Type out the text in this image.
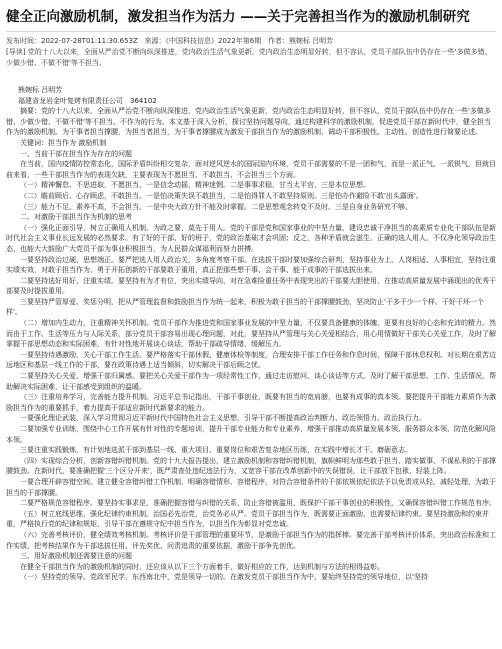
健全正向激励机制，激发担当作为活力 ——关于完善担当作为的激励机制研究
发布时间：2022-07-28T01:11:30.653Z 来源：《中国科技信息》2022年第6期 作者：熊婉标 吕明芳
[导读] 党的十八大以来，全面从严治党不断向纵深推进，党内政治生活气象更新，党内政治生态明显好转，但不容认，党员干部队伍中仍存在一些'多做多错、少做少错、不做不错'等不担当、

熊婉标 吕明芳

福建省龙岩金叶复烤有限责任公司　364102

摘要：党的十八大以来，全面从严治党不断向纵深推进，党内政治生活气象更新，党内政治生态明显好转，但不容认，党员干部队伍中仍存在一些'多做多错、少做少错、不做不错'等不担当、不作为的行为。本文基于深入分析，探讨坚持问题导向，通过构建科学的激励机制，促进党员干部在新时代中，健全担当作为的激励机制。为干事者担当撑腰，为担当者担当，为干事者撑腰成为激发干部担当作为的激励机制，调动干部积极性、主动性、创造性进行简要论述。

关键词：担当作为 激励机制

一、当前干部在担当作为存在的问题

在当前，国内疫情防控常态化，国际矛盾纠纷相交复杂，面对逆风逆水的国际国内环境，党员干部需要的不是一团和气，而是一派正气、一派锐气，但就目前来看，一些干部担当作为的表现欠缺，主要表现为不愿担当、不敢担当、不会担当三个方面。

（一）精神懈怠、不思进取，不愿担当，一是信念动摇，精神迷惘。二是事事求稳，甘当太平官，三是本位思想。

（二）瞻前顾后、心存顾虑，不敢担当。一是怕决策失误不敢担当，二是怕得罪人不敢坚持原则。三是怕办作避险不敢'出头露面'。

（三）能力不足、素养不高，不会担当。一是中央大政方针不能及时掌握。二是思想观念转变不及时。三是自身业务研究不够。

二、对激励干部担当作为机制的思考

（一）强化正面引导，树立正确用人机制。为政之要，莫先于用人。党的干部是党和国家事业的中坚力量，建设忠诚干净担当的高素质专业化干部队伍是新时代社会主义事业长远发展的必然要求。有了好的干部、好的班子，党的政治基础才会巩固；反之，各种矛盾就会滋生。正确的选人用人，不仅净化领导政治生态，也能大大鼓励广大党员干部为事业积极担当，为人民群众谋福利而努力拼搏。

一要坚持政治过硬、思想端正。要严把选人用人政治关，多角度考察干部。在选拔干部时要加强综合研判，坚持事业为上、人岗相适、人事相宜，坚持注重实绩实效，对敢于担当作为、勇于开拓创新的干部要敢于重用，真正把那些想干事、会干事、能干成事的干部选拔出来。

二要坚持选好用好、注重实绩。要坚持有为才有位，突出实绩导向，对在急难险重任务中表现突出的干部要大胆使用，在推动高质量发展中涌现出的优秀干部要及时提拔重用。

三要坚持严管厚爱、奖惩分明，把从严管理监督和鼓励担当作为统一起来，积极为敢于担当的干部撑腰鼓劲，坚决防止'干多干少一个样、干好干坏一个样'。

（二）增加内生动力，注重精神关怀机制。党员干部作为推进党和国家事业发展的中坚力量，不仅要具备健康的体魄，更要有良好的心态和充沛的精力。然而由于工作、生活等压力与人际关系，部分党员干部容易出现心理问题，对此，要坚持从严管理与关心关爱相结合，用心用情做好干部关心关爱工作，及时了解掌握干部思想动态和实际困难，有针对性地开展谈心谈话，帮助干部疏导情绪、缓解压力。

一要坚持待遇激励，关心干部工作生活。要严格落实干部休假、健康体检等制度，合理安排干部工作任务和作息时间，保障干部休息权利。对长期在艰苦边远地区和基层一线工作的干部，要在政策待遇上适当倾斜，切实解决干部后顾之忧。

二要坚持关心关爱，增强干部归属感。要把关心关爱干部作为一项经常性工作，通过走访慰问、谈心谈话等方式，及时了解干部思想、工作、生活情况，帮助解决实际困难，让干部感受到组织的温暖。

（三）注重培养学习，完善能力提升机制。习近平总书记指出，干部干事创业，既要有担当的宽肩膀，也要有成事的真本领。要把提升干部能力素质作为激励担当作为的重要抓手，着力提高干部适应新时代新要求的能力。

一要强化理论武装，深入学习贯彻习近平新时代中国特色社会主义思想，引导干部不断提高政治判断力、政治领悟力、政治执行力。

二要加强专业训练，围绕中心工作开展有针对性的专题培训，提升干部专业能力和专业素养，增强干部推动高质量发展本领、服务群众本领、防范化解风险本领。

三要注重实践锻炼，有计划地选派干部到基层一线、重大项目、重要岗位和艰苦复杂地区历练，在实践中增长才干、磨砺意志。

（四）实现综合分析，创新容错纠错机制。党的十九大报告提出，建立激励机制和容错纠错机制，旗帜鲜明为那些敢于担当、踏实做事、不谋私利的干部撑腰鼓劲。在新时代，要准确把握'三个区分开来'，既严肃查处违纪违法行为，又宽容干部在改革创新中的失误错误，让干部放下包袱、轻装上阵。

一要合理开辟容错空间。建立健全容错纠错工作机制，明确容错情形、容错程序，对符合容错条件的干部依规依纪依法予以免责或从轻、减轻处理，为敢于担当的干部撑腰。

二要严格规范容错程序。要坚持实事求是，准确把握容错与纠错的关系，防止容错被滥用，既保护干部干事创业的积极性，又确保容错纠错工作规范有序。

（五）树立底线思维，强化纪律约束机制。治国必先治党，治党务必从严。党员干部担当作为，既需要正面激励，也需要纪律约束。要坚持激励和约束并重，严格执行党的纪律和规矩，引导干部在遵规守纪中担当作为，以担当作为彰显对党忠诚。

（六）完善考核评价，健全绩效考核机制。考核评价是干部管理的重要环节，是激励干部担当作为的指挥棒。要完善干部考核评价体系，突出政治标准和工作实绩，把考核结果作为干部选拔任用、评先奖优、问责追责的重要依据，激励干部争先创优。

三、用好激励机制还需要注意的问题

在健全干部担当作为的激励机制的同时，还应该从以下三个方面着手，做好相应的工作，达到机制与方法的相得益彰。

（一）坚持党的领导。党政军民学，东西南北中，党是领导一切的。在激发党员干部担当作为中，要始终坚持党的领导地位，以'坚持
